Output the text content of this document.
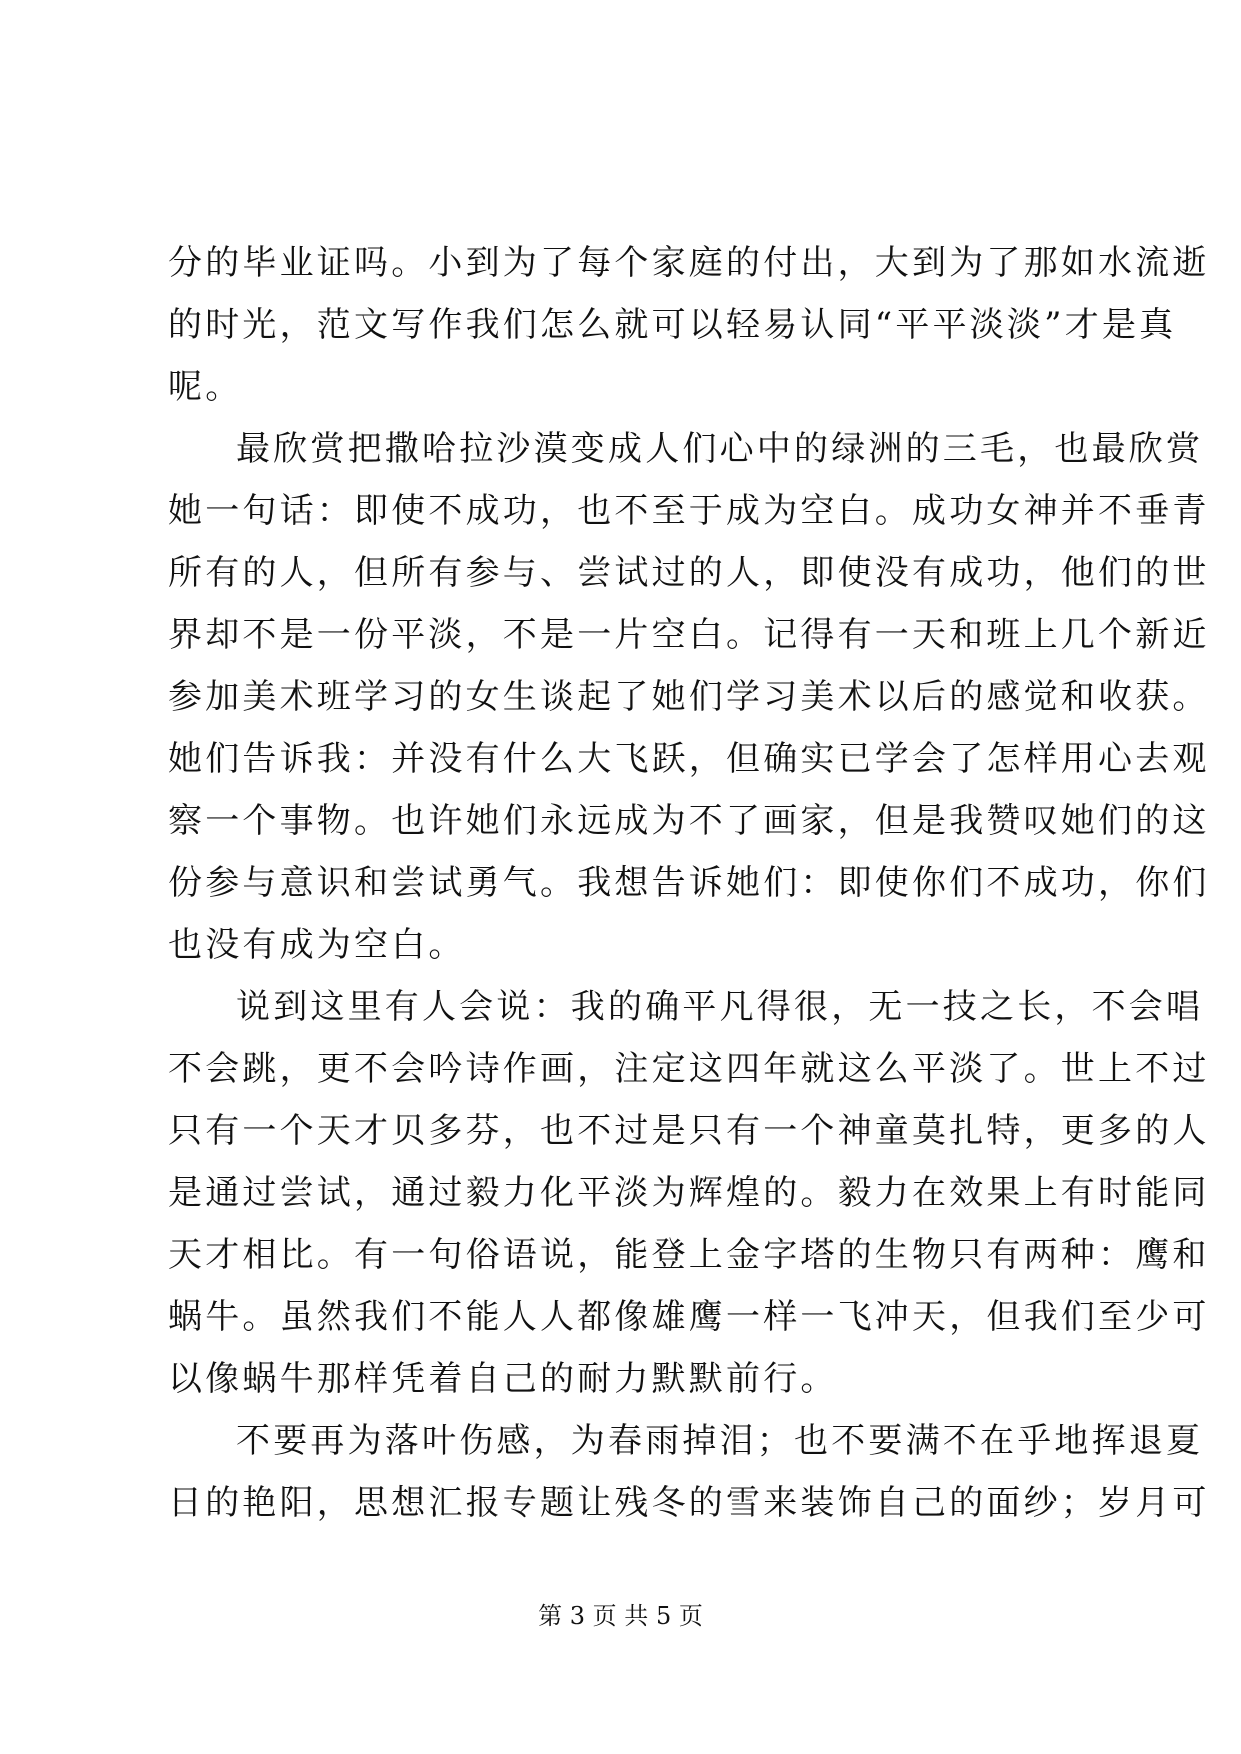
分的毕业证吗。小到为了每个家庭的付出，大到为了那如水流逝
的时光，范文写作我们怎么就可以轻易认同“平平淡淡”才是真
呢。
最欣赏把撒哈拉沙漠变成人们心中的绿洲的三毛，也最欣赏
她一句话：即使不成功，也不至于成为空白。成功女神并不垂青
所有的人，但所有参与、尝试过的人，即使没有成功，他们的世
界却不是一份平淡，不是一片空白。记得有一天和班上几个新近
参加美术班学习的女生谈起了她们学习美术以后的感觉和收获。
她们告诉我：并没有什么大飞跃，但确实已学会了怎样用心去观
察一个事物。也许她们永远成为不了画家，但是我赞叹她们的这
份参与意识和尝试勇气。我想告诉她们：即使你们不成功，你们
也没有成为空白。
说到这里有人会说：我的确平凡得很，无一技之长，不会唱
不会跳，更不会吟诗作画，注定这四年就这么平淡了。世上不过
只有一个天才贝多芬，也不过是只有一个神童莫扎特，更多的人
是通过尝试，通过毅力化平淡为辉煌的。毅力在效果上有时能同
天才相比。有一句俗语说，能登上金字塔的生物只有两种：鹰和
蜗牛。虽然我们不能人人都像雄鹰一样一飞冲天，但我们至少可
以像蜗牛那样凭着自己的耐力默默前行。
不要再为落叶伤感，为春雨掉泪；也不要满不在乎地挥退夏
日的艳阳，思想汇报专题让残冬的雪来装饰自己的面纱；岁月可
第 3 页 共 5 页
